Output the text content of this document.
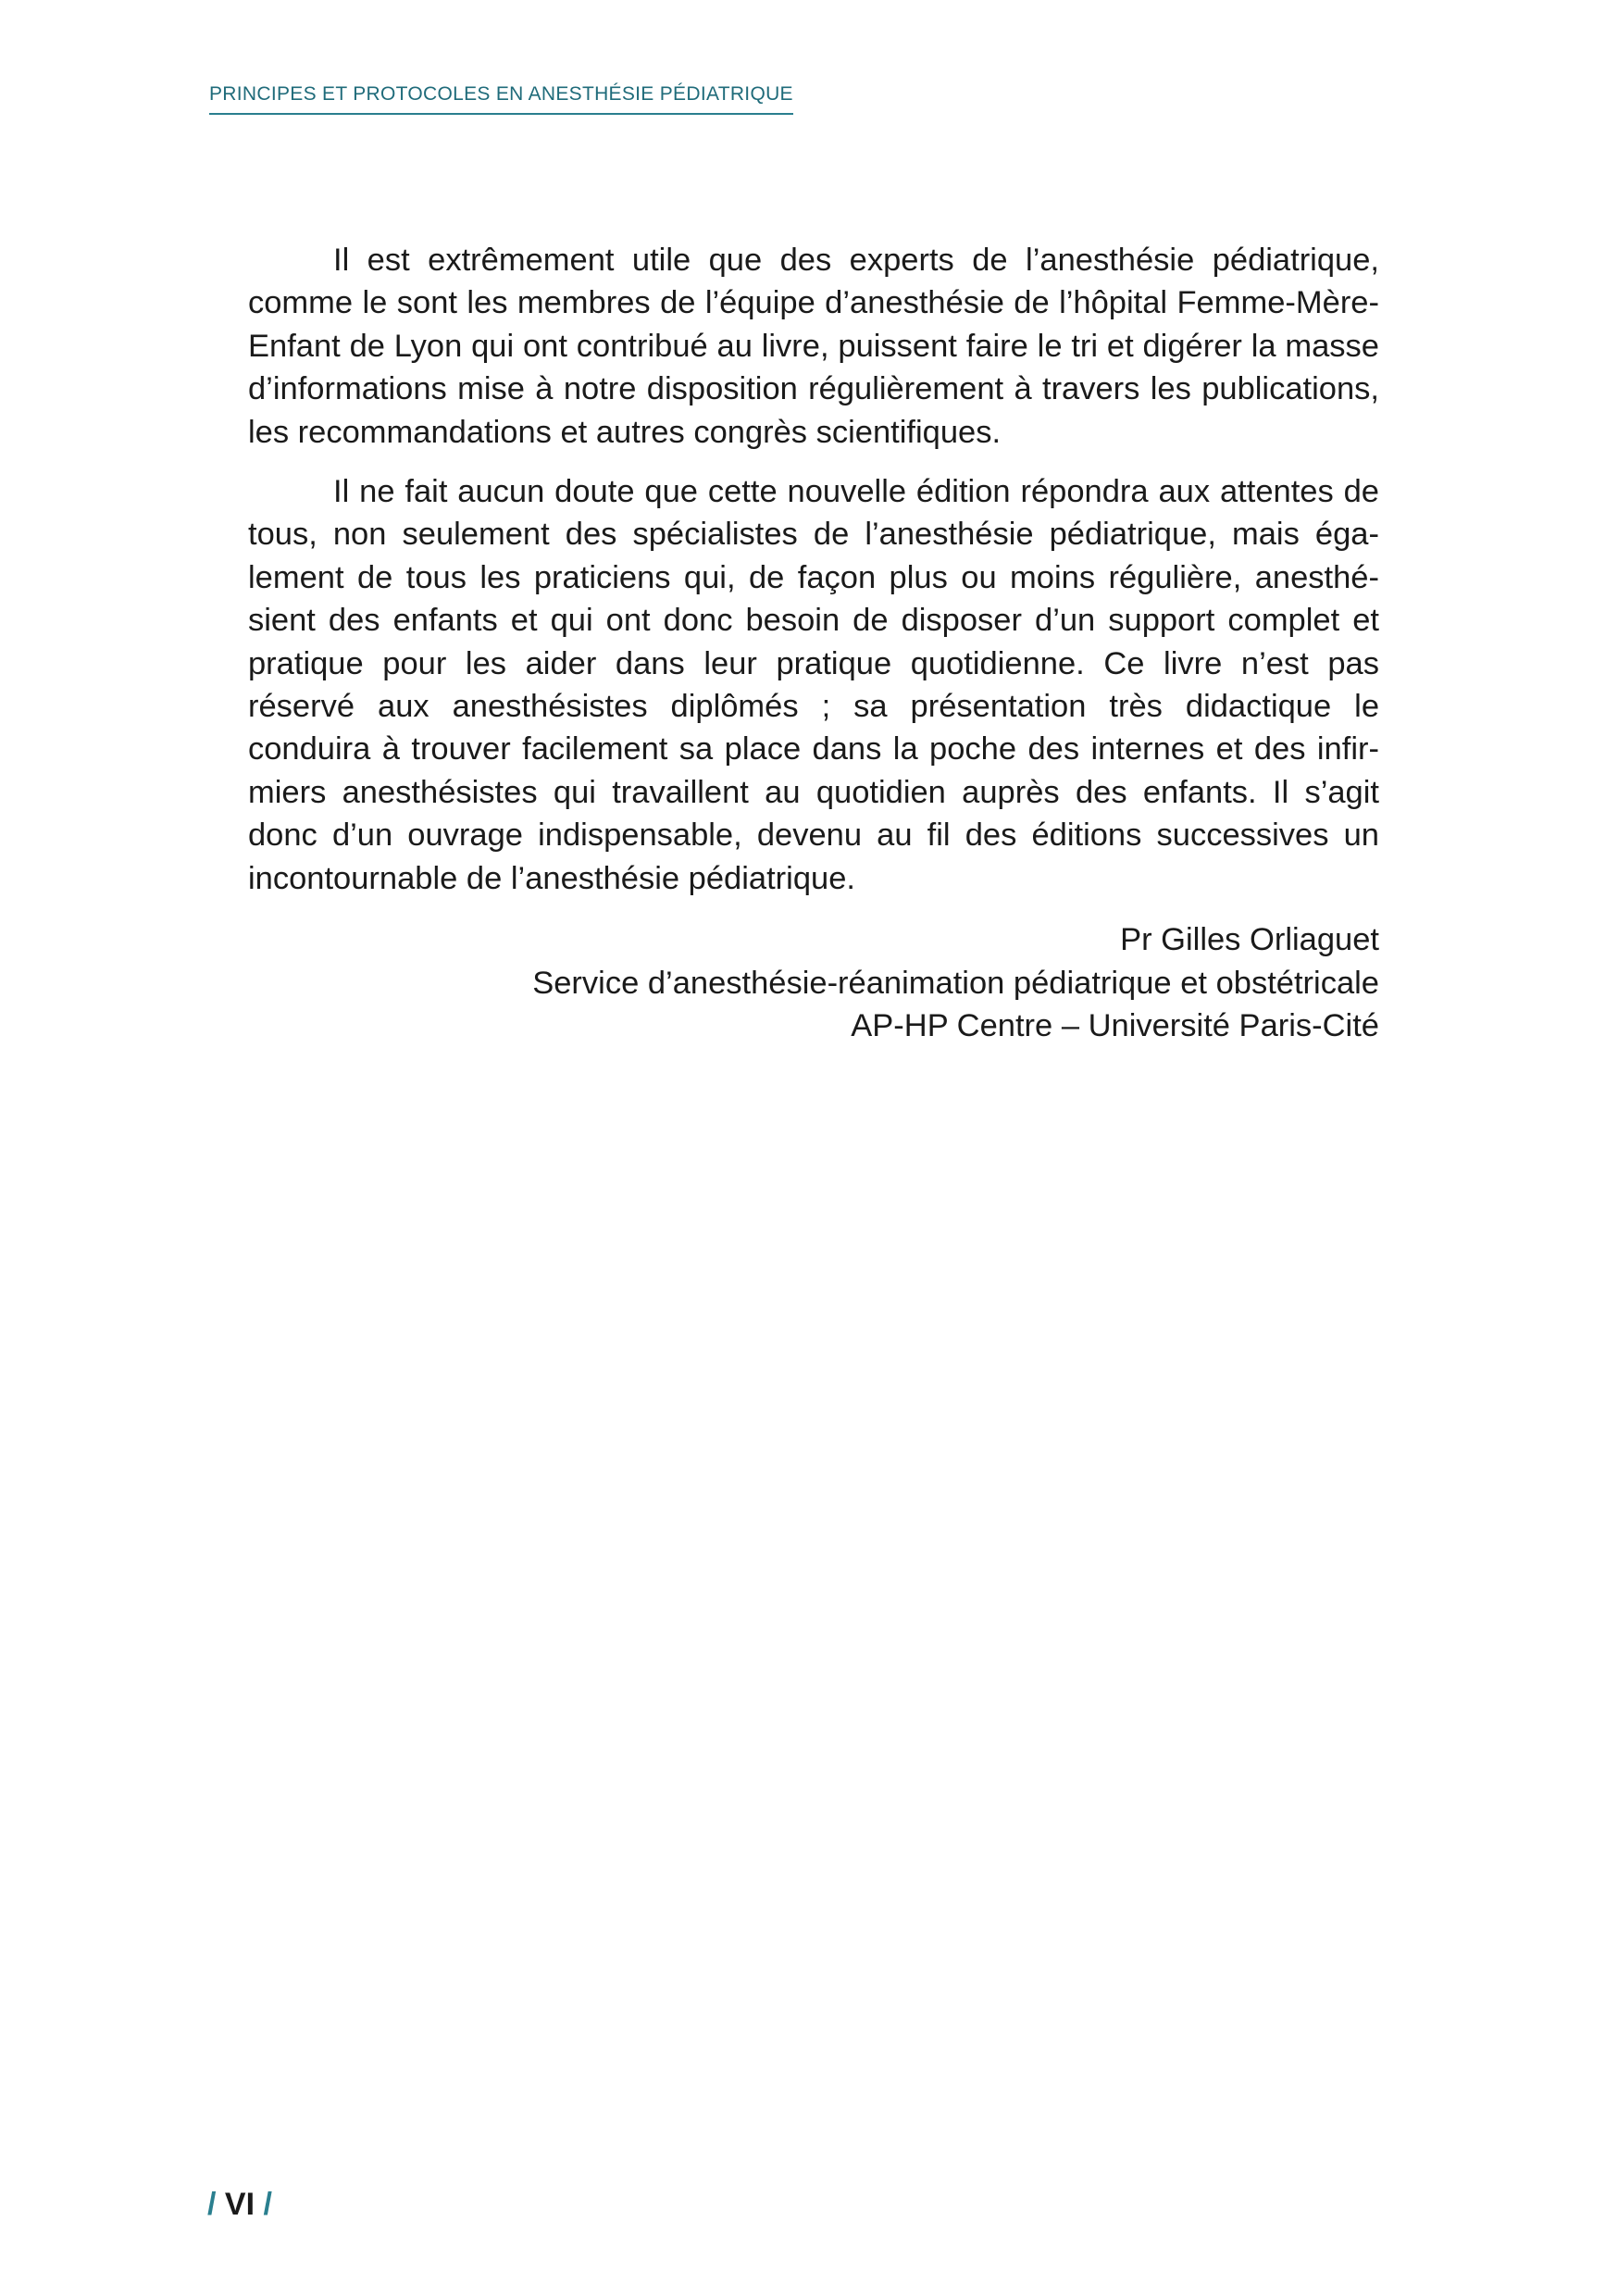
PRINCIPES ET PROTOCOLES EN ANESTHÉSIE PÉDIATRIQUE

Il est extrêmement utile que des experts de l’anesthésie pédiatrique, comme le sont les membres de l’équipe d’anesthésie de l’hôpital Femme-Mère-Enfant de Lyon qui ont contribué au livre, puissent faire le tri et digérer la masse d’informations mise à notre disposition régulièrement à travers les publications, les recommandations et autres congrès scientifiques.

Il ne fait aucun doute que cette nouvelle édition répondra aux attentes de tous, non seulement des spécialistes de l’anesthésie pédiatrique, mais également de tous les praticiens qui, de façon plus ou moins régulière, anesthésient des enfants et qui ont donc besoin de disposer d’un support complet et pratique pour les aider dans leur pratique quotidienne. Ce livre n’est pas réservé aux anesthésistes diplômés ; sa présentation très didactique le conduira à trouver facilement sa place dans la poche des internes et des infirmiers anesthésistes qui travaillent au quotidien auprès des enfants. Il s’agit donc d’un ouvrage indispensable, devenu au fil des éditions successives un incontournable de l’anesthésie pédiatrique.

Pr Gilles Orliaguet
Service d’anesthésie-réanimation pédiatrique et obstétricale
AP-HP Centre – Université Paris-Cité
/ VI /
